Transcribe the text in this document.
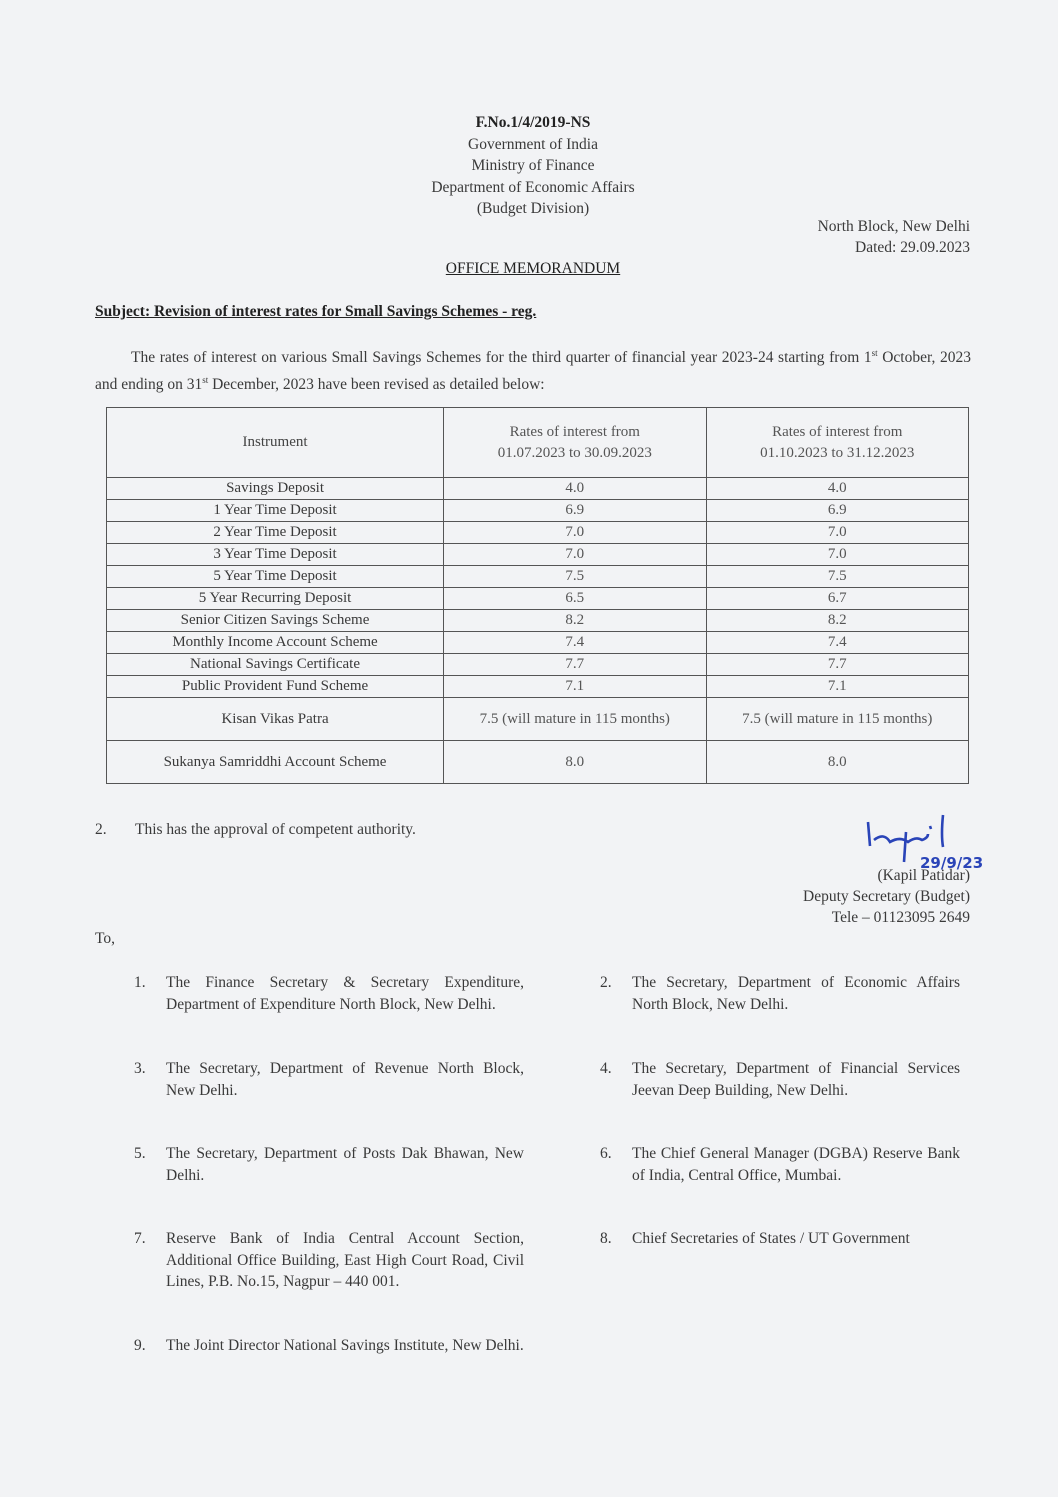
F.No.1/4/2019-NS
Government of India
Ministry of Finance
Department of Economic Affairs
(Budget Division)
North Block, New Delhi
Dated: 29.09.2023
OFFICE MEMORANDUM
Subject: Revision of interest rates for Small Savings Schemes - reg.
The rates of interest on various Small Savings Schemes for the third quarter of financial year 2023-24 starting from 1st October, 2023 and ending on 31st December, 2023 have been revised as detailed below:
Instrument	Rates of interest from 01.07.2023 to 30.09.2023	Rates of interest from 01.10.2023 to 31.12.2023

Savings Deposit	4.0	4.0

1 Year Time Deposit	6.9	6.9

2 Year Time Deposit	7.0	7.0

3 Year Time Deposit	7.0	7.0

5 Year Time Deposit	7.5	7.5

5 Year Recurring Deposit	6.5	6.7

Senior Citizen Savings Scheme	8.2	8.2

Monthly Income Account Scheme	7.4	7.4

National Savings Certificate	7.7	7.7

Public Provident Fund Scheme	7.1	7.1

Kisan Vikas Patra	7.5 (will mature in 115 months)	7.5 (will mature in 115 months)

Sukanya Samriddhi Account Scheme	8.0	8.0
2. This has the approval of competent authority.
29/9/23
(Kapil Patidar)
Deputy Secretary (Budget)
Tele – 01123095 2649
To,
1. The Finance Secretary & Secretary Expenditure, Department of Expenditure North Block, New Delhi.
2. The Secretary, Department of Economic Affairs North Block, New Delhi.
3. The Secretary, Department of Revenue North Block, New Delhi.
4. The Secretary, Department of Financial Services Jeevan Deep Building, New Delhi.
5. The Secretary, Department of Posts Dak Bhawan, New Delhi.
6. The Chief General Manager (DGBA) Reserve Bank of India, Central Office, Mumbai.
7. Reserve Bank of India Central Account Section, Additional Office Building, East High Court Road, Civil Lines, P.B. No.15, Nagpur – 440 001.
8. Chief Secretaries of States / UT Government
9. The Joint Director National Savings Institute, New Delhi.
